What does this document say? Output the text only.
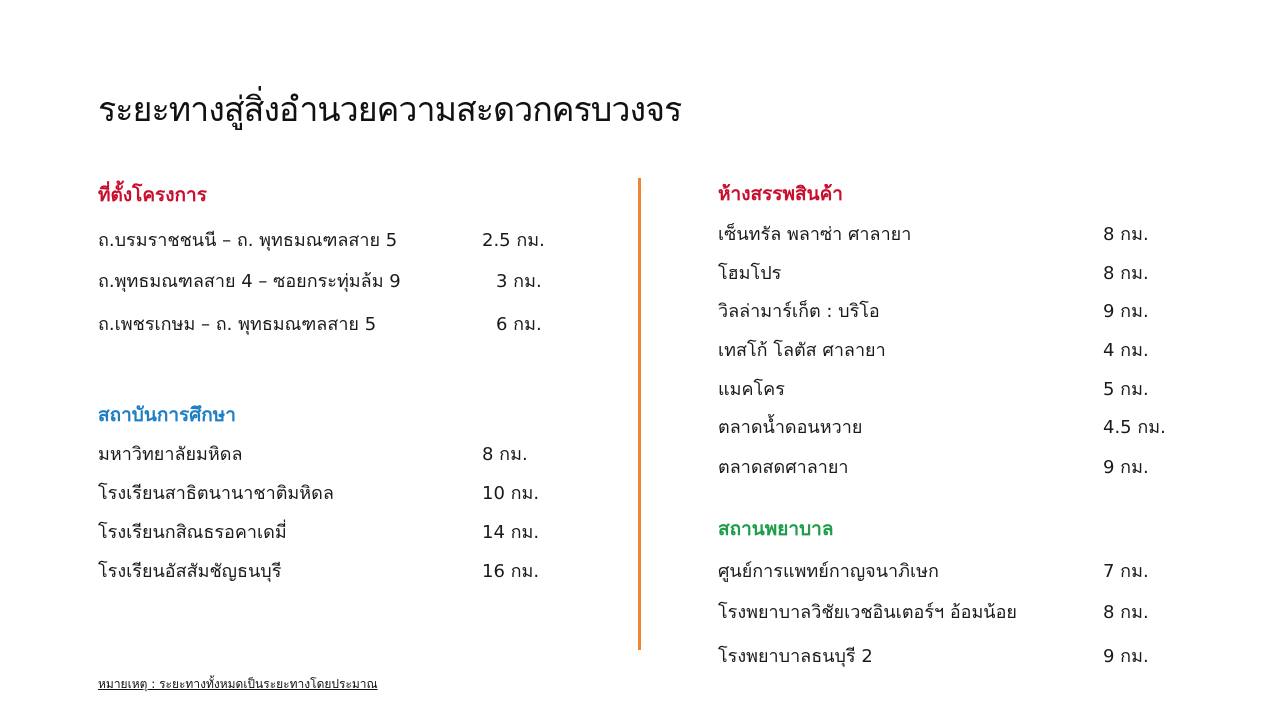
ระยะทางสู่สิ่งอำนวยความสะดวกครบวงจร
ที่ตั้งโครงการ
ถ.บรมราชชนนี – ถ. พุทธมณฑลสาย 5	2.5 กม.
ถ.พุทธมณฑลสาย 4 – ซอยกระทุ่มล้ม 9	3 กม.
ถ.เพชรเกษม – ถ. พุทธมณฑลสาย 5	6 กม.
สถาบันการศึกษา
มหาวิทยาลัยมหิดล	8 กม.
โรงเรียนสาธิตนานาชาติมหิดล	10 กม.
โรงเรียนกสิณธรอคาเดมี่	14 กม.
โรงเรียนอัสสัมชัญธนบุรี	16 กม.
ห้างสรรพสินค้า
เซ็นทรัล พลาซ่า ศาลายา	8 กม.
โฮมโปร	8 กม.
วิลล่ามาร์เก็ต : บริโอ	9 กม.
เทสโก้ โลตัส ศาลายา	4 กม.
แมคโคร	5 กม.
ตลาดน้ำดอนหวาย	4.5 กม.
ตลาดสดศาลายา	9 กม.
สถานพยาบาล
ศูนย์การแพทย์กาญจนาภิเษก	7 กม.
โรงพยาบาลวิชัยเวชอินเตอร์ฯ อ้อมน้อย	8 กม.
โรงพยาบาลธนบุรี 2	9 กม.
หมายเหตุ : ระยะทางทั้งหมดเป็นระยะทางโดยประมาณ
